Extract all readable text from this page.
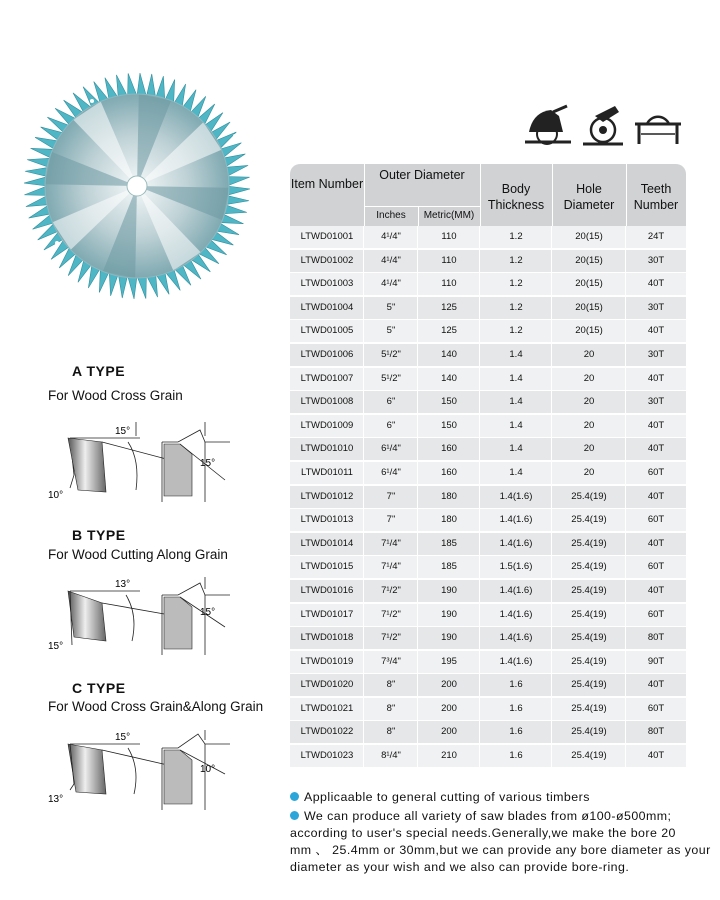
A TYPE
For Wood Cross Grain
B TYPE
For Wood Cutting Along Grain
C TYPE
For Wood Cross Grain&Along Grain
15°
15°
10°
13°
15°
15°
15°
10°
13°
Item Number
Outer Diameter
Inches	Metric(MM)
Body Thickness
Hole Diameter
Teeth Number
LTWD01001	4¹/4"	110	1.2	20(15)	24T
LTWD01002	4¹/4"	110	1.2	20(15)	30T
LTWD01003	4¹/4"	110	1.2	20(15)	40T
LTWD01004	5"	125	1.2	20(15)	30T
LTWD01005	5"	125	1.2	20(15)	40T
LTWD01006	5¹/2"	140	1.4	20	30T
LTWD01007	5¹/2"	140	1.4	20	40T
LTWD01008	6"	150	1.4	20	30T
LTWD01009	6"	150	1.4	20	40T
LTWD01010	6¹/4"	160	1.4	20	40T
LTWD01011	6¹/4"	160	1.4	20	60T
LTWD01012	7"	180	1.4(1.6)	25.4(19)	40T
LTWD01013	7"	180	1.4(1.6)	25.4(19)	60T
LTWD01014	7¹/4"	185	1.4(1.6)	25.4(19)	40T
LTWD01015	7¹/4"	185	1.5(1.6)	25.4(19)	60T
LTWD01016	7¹/2"	190	1.4(1.6)	25.4(19)	40T
LTWD01017	7¹/2"	190	1.4(1.6)	25.4(19)	60T
LTWD01018	7¹/2"	190	1.4(1.6)	25.4(19)	80T
LTWD01019	7³/4"	195	1.4(1.6)	25.4(19)	90T
LTWD01020	8"	200	1.6	25.4(19)	40T
LTWD01021	8"	200	1.6	25.4(19)	60T
LTWD01022	8"	200	1.6	25.4(19)	80T
LTWD01023	8¹/4"	210	1.6	25.4(19)	40T
Applicaable to general cutting of various timbers
We can produce all variety of saw blades from ø100-ø500mm;
according to user's special needs.Generally,we make the bore 20
mm 、 25.4mm or 30mm,but we can provide any bore diameter as your
diameter as your wish and we also can provide bore-ring.
